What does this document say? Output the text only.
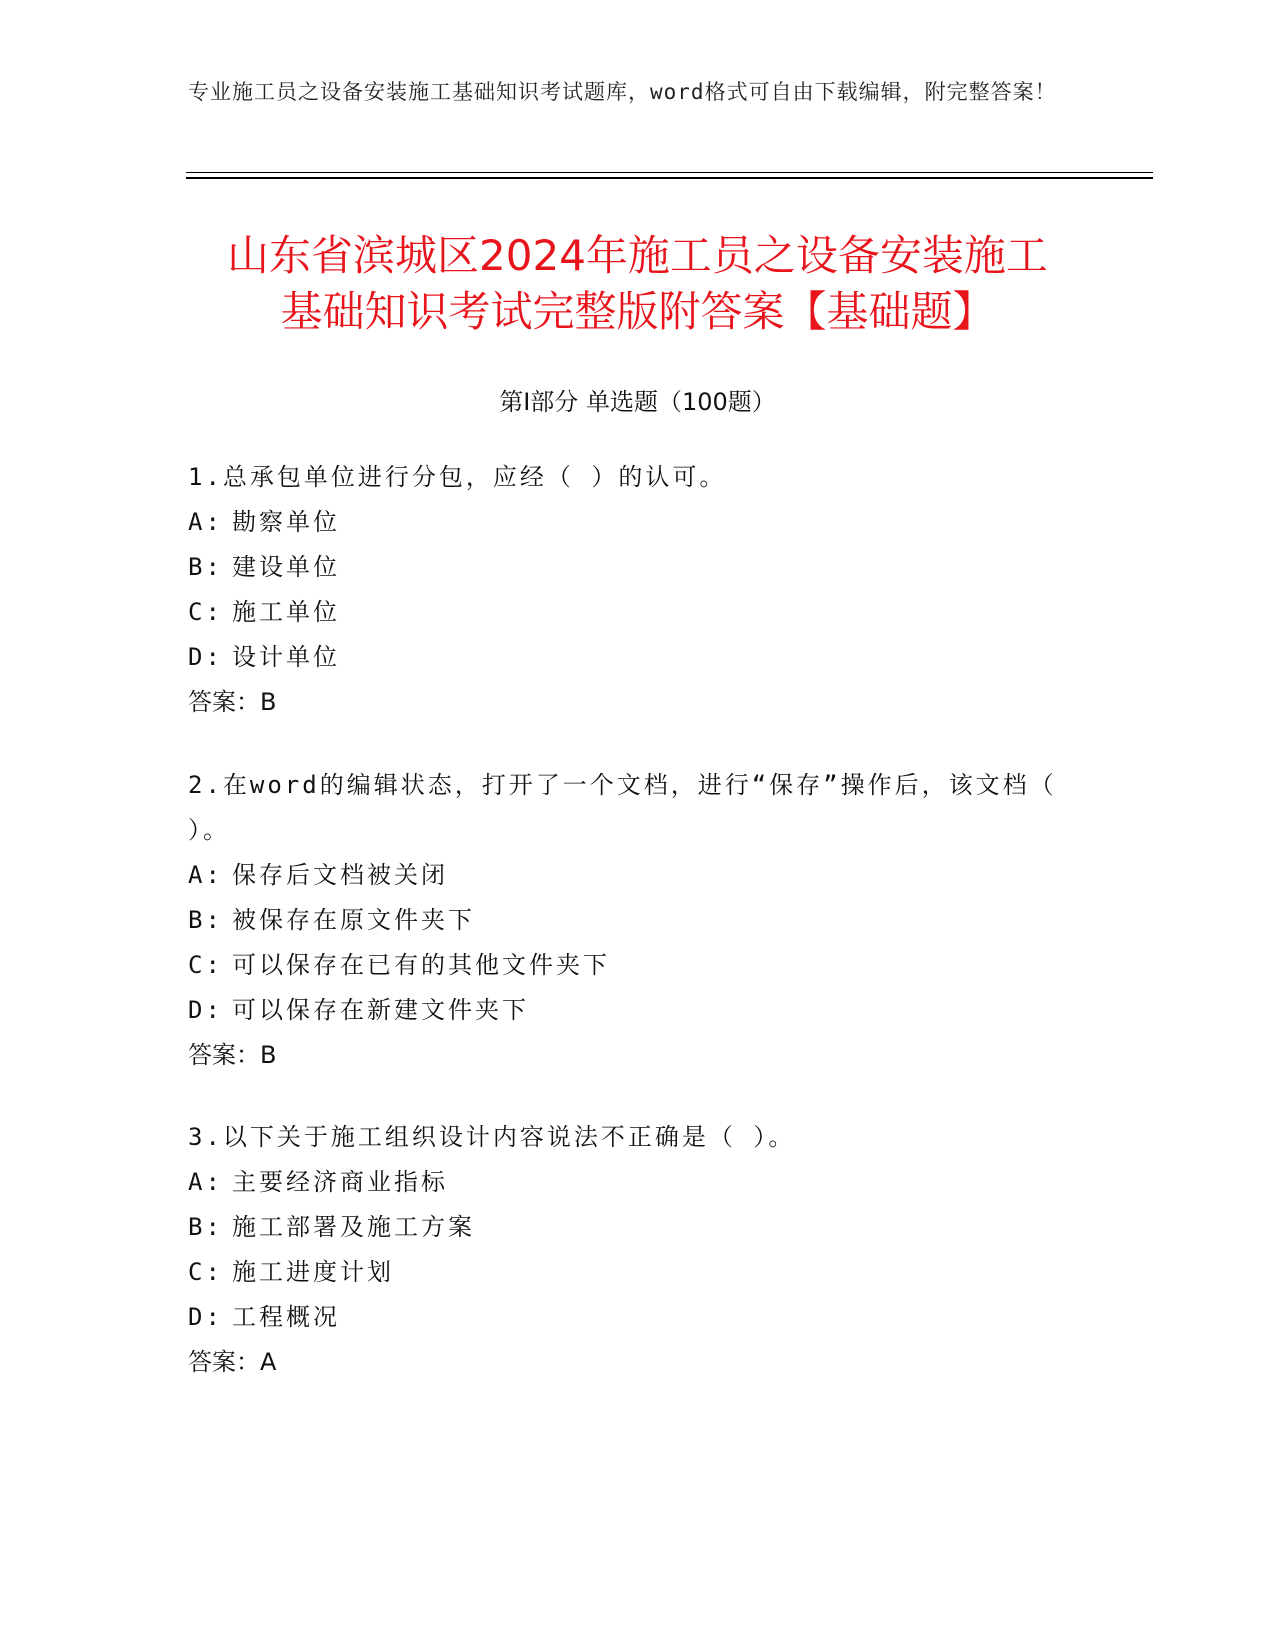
专业施工员之设备安装施工基础知识考试题库，word格式可自由下载编辑，附完整答案！
山东省滨城区2024年施工员之设备安装施工
基础知识考试完整版附答案【基础题】
第Ⅰ部分 单选题（100题）

1.总承包单位进行分包，应经（ ）的认可。

A: 勘察单位

B: 建设单位

C: 施工单位

D: 设计单位

答案：B

2.在word的编辑状态，打开了一个文档，进行“保存”操作后，该文档（ ）。

A: 保存后文档被关闭

B: 被保存在原文件夹下

C: 可以保存在已有的其他文件夹下

D: 可以保存在新建文件夹下

答案：B

3.以下关于施工组织设计内容说法不正确是（ ）。

A: 主要经济商业指标

B: 施工部署及施工方案

C: 施工进度计划

D: 工程概况

答案：A
